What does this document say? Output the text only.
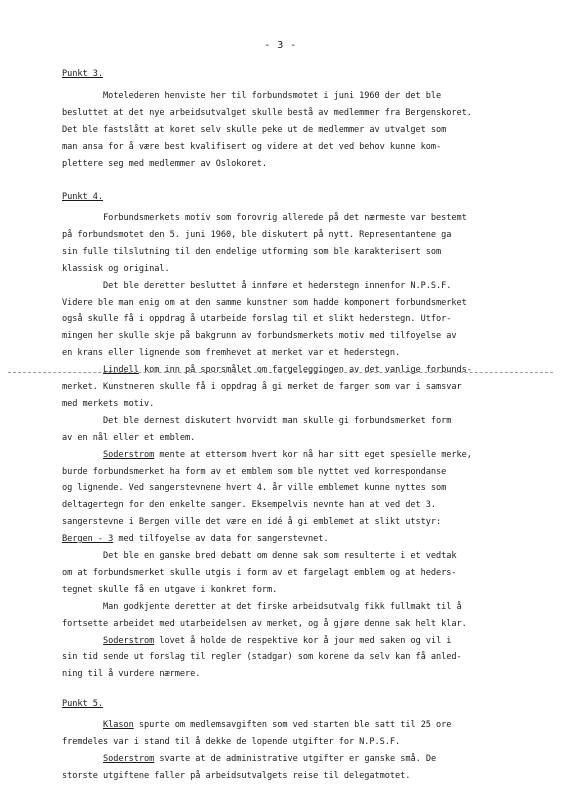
- 3 -
Punkt 3.
Motelederen henviste her til forbundsmotet i juni 1960 der det ble
besluttet at det nye arbeidsutvalget skulle bestå av medlemmer fra Bergenskoret.
Det ble fastslått at koret selv skulle peke ut de medlemmer av utvalget som
man ansa for å være best kvalifisert og videre at det ved behov kunne kom-
plettere seg med medlemmer av Oslokoret.
Punkt 4.
Forbundsmerkets motiv som forovrig allerede på det nærmeste var bestemt
på forbundsmotet den 5. juni 1960, ble diskutert på nytt. Representantene ga
sin fulle tilslutning til den endelige utforming som ble karakterisert som
klassisk og original.
Det ble deretter besluttet å innføre et hederstegn innenfor N.P.S.F.
Videre ble man enig om at den samme kunstner som hadde komponert forbundsmerket
også skulle få i oppdrag å utarbeide forslag til et slikt hederstegn. Utfor-
mingen her skulle skje på bakgrunn av forbundsmerkets motiv med tilfoyelse av
en krans eller lignende som fremhevet at merket var et hederstegn.
Lindell kom inn på sporsmålet om fargeleggingen av det vanlige forbunds-
merket. Kunstneren skulle få i oppdrag å gi merket de farger som var i samsvar
med merkets motiv.
Det ble dernest diskutert hvorvidt man skulle gi forbundsmerket form
av en nål eller et emblem.
Soderstrom mente at ettersom hvert kor nå har sitt eget spesielle merke,
burde forbundsmerket ha form av et emblem som ble nyttet ved korrespondanse
og lignende. Ved sangerstevnene hvert 4. år ville emblemet kunne nyttes som
deltagertegn for den enkelte sanger. Eksempelvis nevnte han at ved det 3.
sangerstevne i Bergen ville det være en idé å gi emblemet at slikt utstyr:
Bergen - 3 med tilfoyelse av data for sangerstevnet.
Det ble en ganske bred debatt om denne sak som resulterte i et vedtak
om at forbundsmerket skulle utgis i form av et fargelagt emblem og at heders-
tegnet skulle få en utgave i konkret form.
Man godkjente deretter at det firske arbeidsutvalg fikk fullmakt til å
fortsette arbeidet med utarbeidelsen av merket, og å gjøre denne sak helt klar.
Soderstrom lovet å holde de respektive kor å jour med saken og vil i
sin tid sende ut forslag til regler (stadgar) som korene da selv kan få anled-
ning til å vurdere nærmere.
Punkt 5.
Klason spurte om medlemsavgiften som ved starten ble satt til 25 ore
fremdeles var i stand til å dekke de lopende utgifter for N.P.S.F.
Soderstrom svarte at de administrative utgifter er ganske små. De
storste utgiftene faller på arbeidsutvalgets reise til delegatmotet.
